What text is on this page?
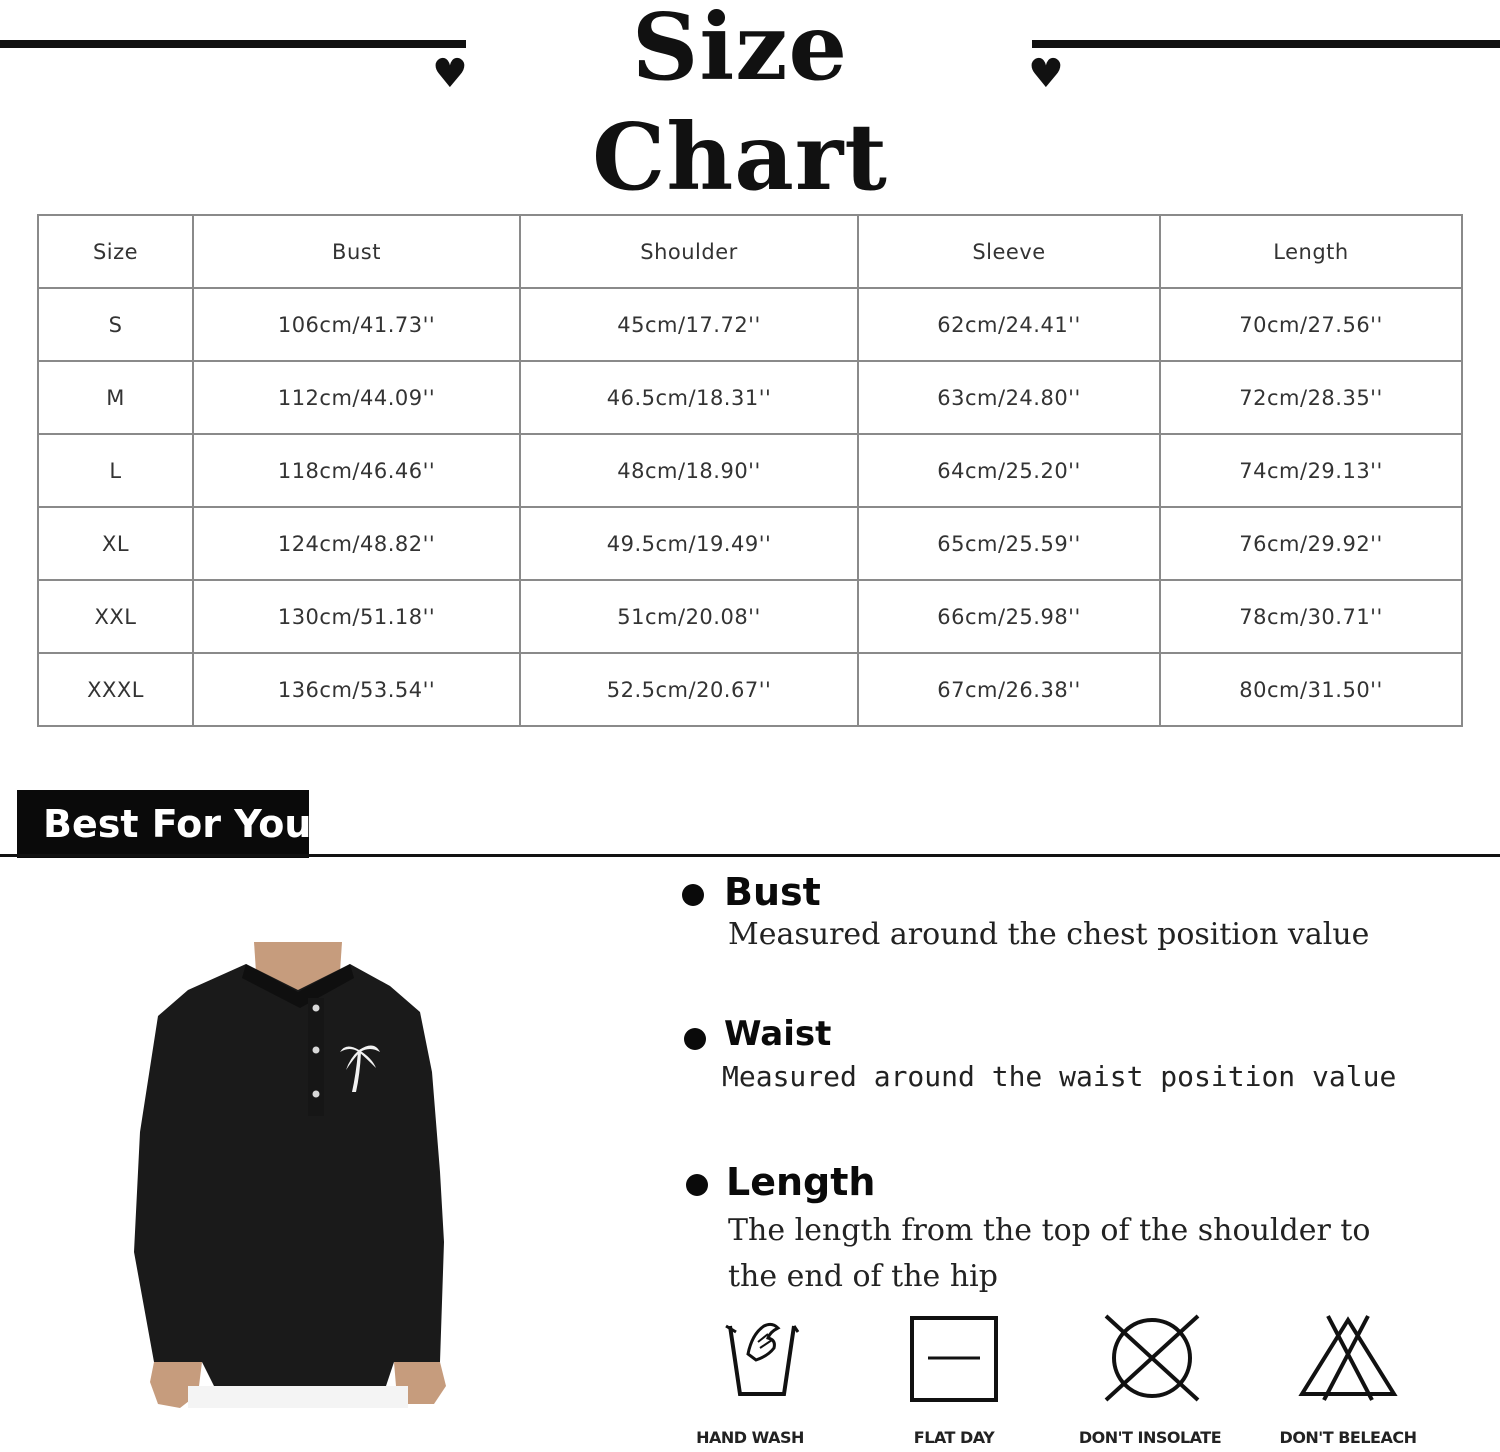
♥	Size Chart
♥
Size	Bust	Shoulder	Sleeve	Length
S	106cm/41.73''	45cm/17.72''	62cm/24.41''	70cm/27.56''
M	112cm/44.09''	46.5cm/18.31''	63cm/24.80''	72cm/28.35''
L	118cm/46.46''	48cm/18.90''	64cm/25.20''	74cm/29.13''
XL	124cm/48.82''	49.5cm/19.49''	65cm/25.59''	76cm/29.92''
XXL	130cm/51.18''	51cm/20.08''	66cm/25.98''	78cm/30.71''
XXXL	136cm/53.54''	52.5cm/20.67''	67cm/26.38''	80cm/31.50''
Best For You
Bust
Measured around the chest position value
Waist
Measured around the waist position value
Length
The length from the top of the shoulder to
the end of the hip
HAND WASH	FLAT DAY	DON'T INSOLATE	DON'T BELEACH
